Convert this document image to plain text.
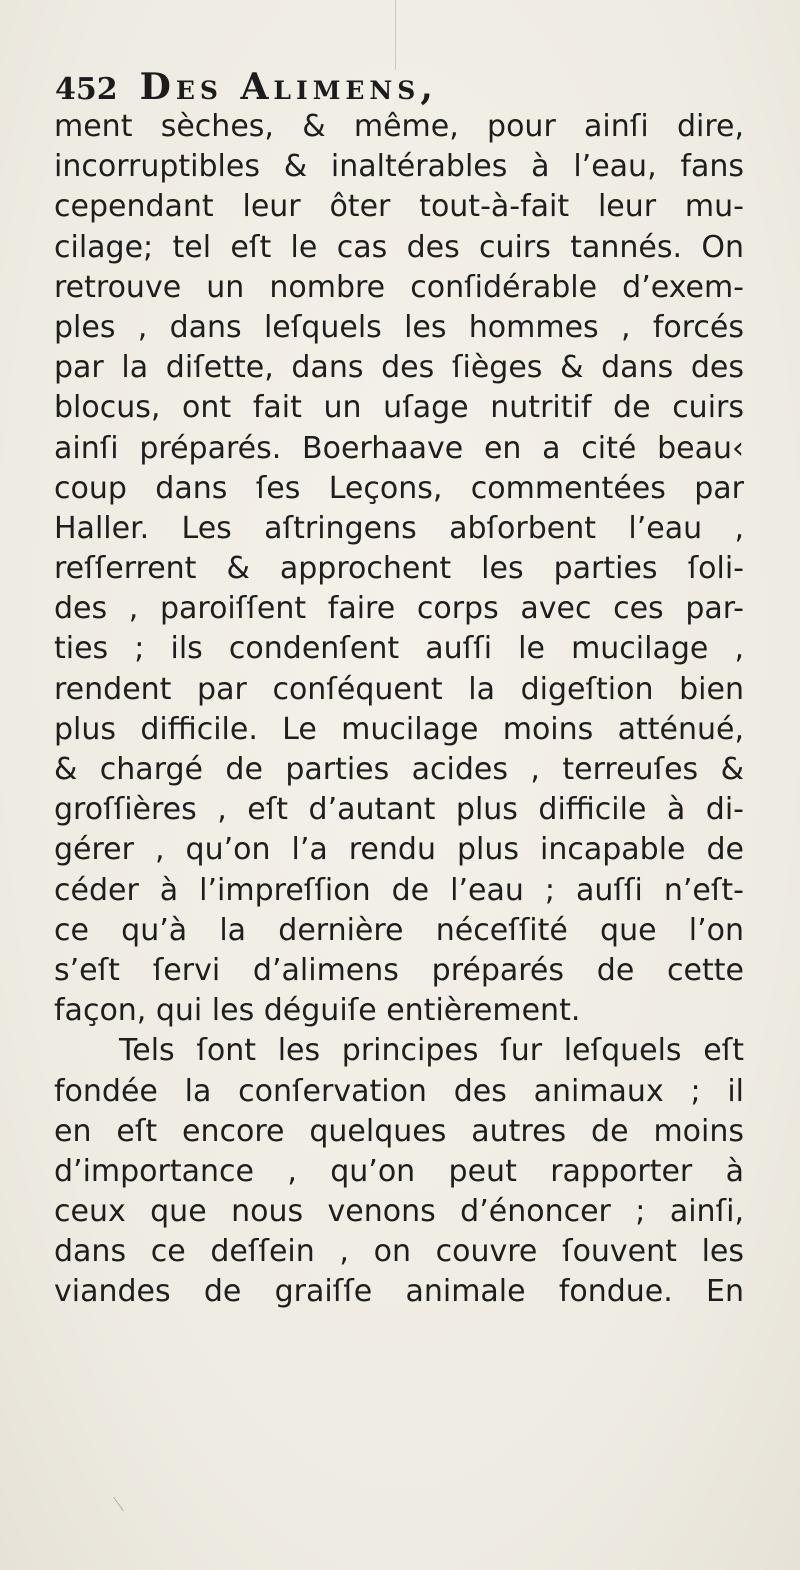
452 Des Alimens,
ment sèches, & même, pour ainſi dire,
incorruptibles & inaltérables à l’eau, fans
cependant leur ôter tout-à-fait leur mu-
cilage; tel eſt le cas des cuirs tannés. On
retrouve un nombre conſidérable d’exem-
ples , dans leſquels les hommes , forcés
par la diſette, dans des ſièges & dans des
blocus, ont fait un uſage nutritif de cuirs
ainſi préparés. Boerhaave en a cité beau‹
coup dans ſes Leçons, commentées par
Haller. Les aſtringens abſorbent l’eau ,
reſſerrent & approchent les parties ſoli-
des , paroiſſent faire corps avec ces par-
ties ; ils condenſent auſſi le mucilage ,
rendent par conſéquent la digeſtion bien
plus difficile. Le mucilage moins atténué,
& chargé de parties acides , terreuſes &
groſſières , eſt d’autant plus difficile à di-
gérer , qu’on l’a rendu plus incapable de
céder à l’impreſſion de l’eau ; auſſi n’eſt-
ce qu’à la dernière néceſſité que l’on
s’eſt ſervi d’alimens préparés de cette
façon, qui les déguiſe entièrement.
Tels ſont les principes ſur leſquels eſt
fondée la conſervation des animaux ; il
en eſt encore quelques autres de moins
d’importance , qu’on peut rapporter à
ceux que nous venons d’énoncer ; ainſi,
dans ce deſſein , on couvre ſouvent les
viandes de graiſſe animale fondue. En
